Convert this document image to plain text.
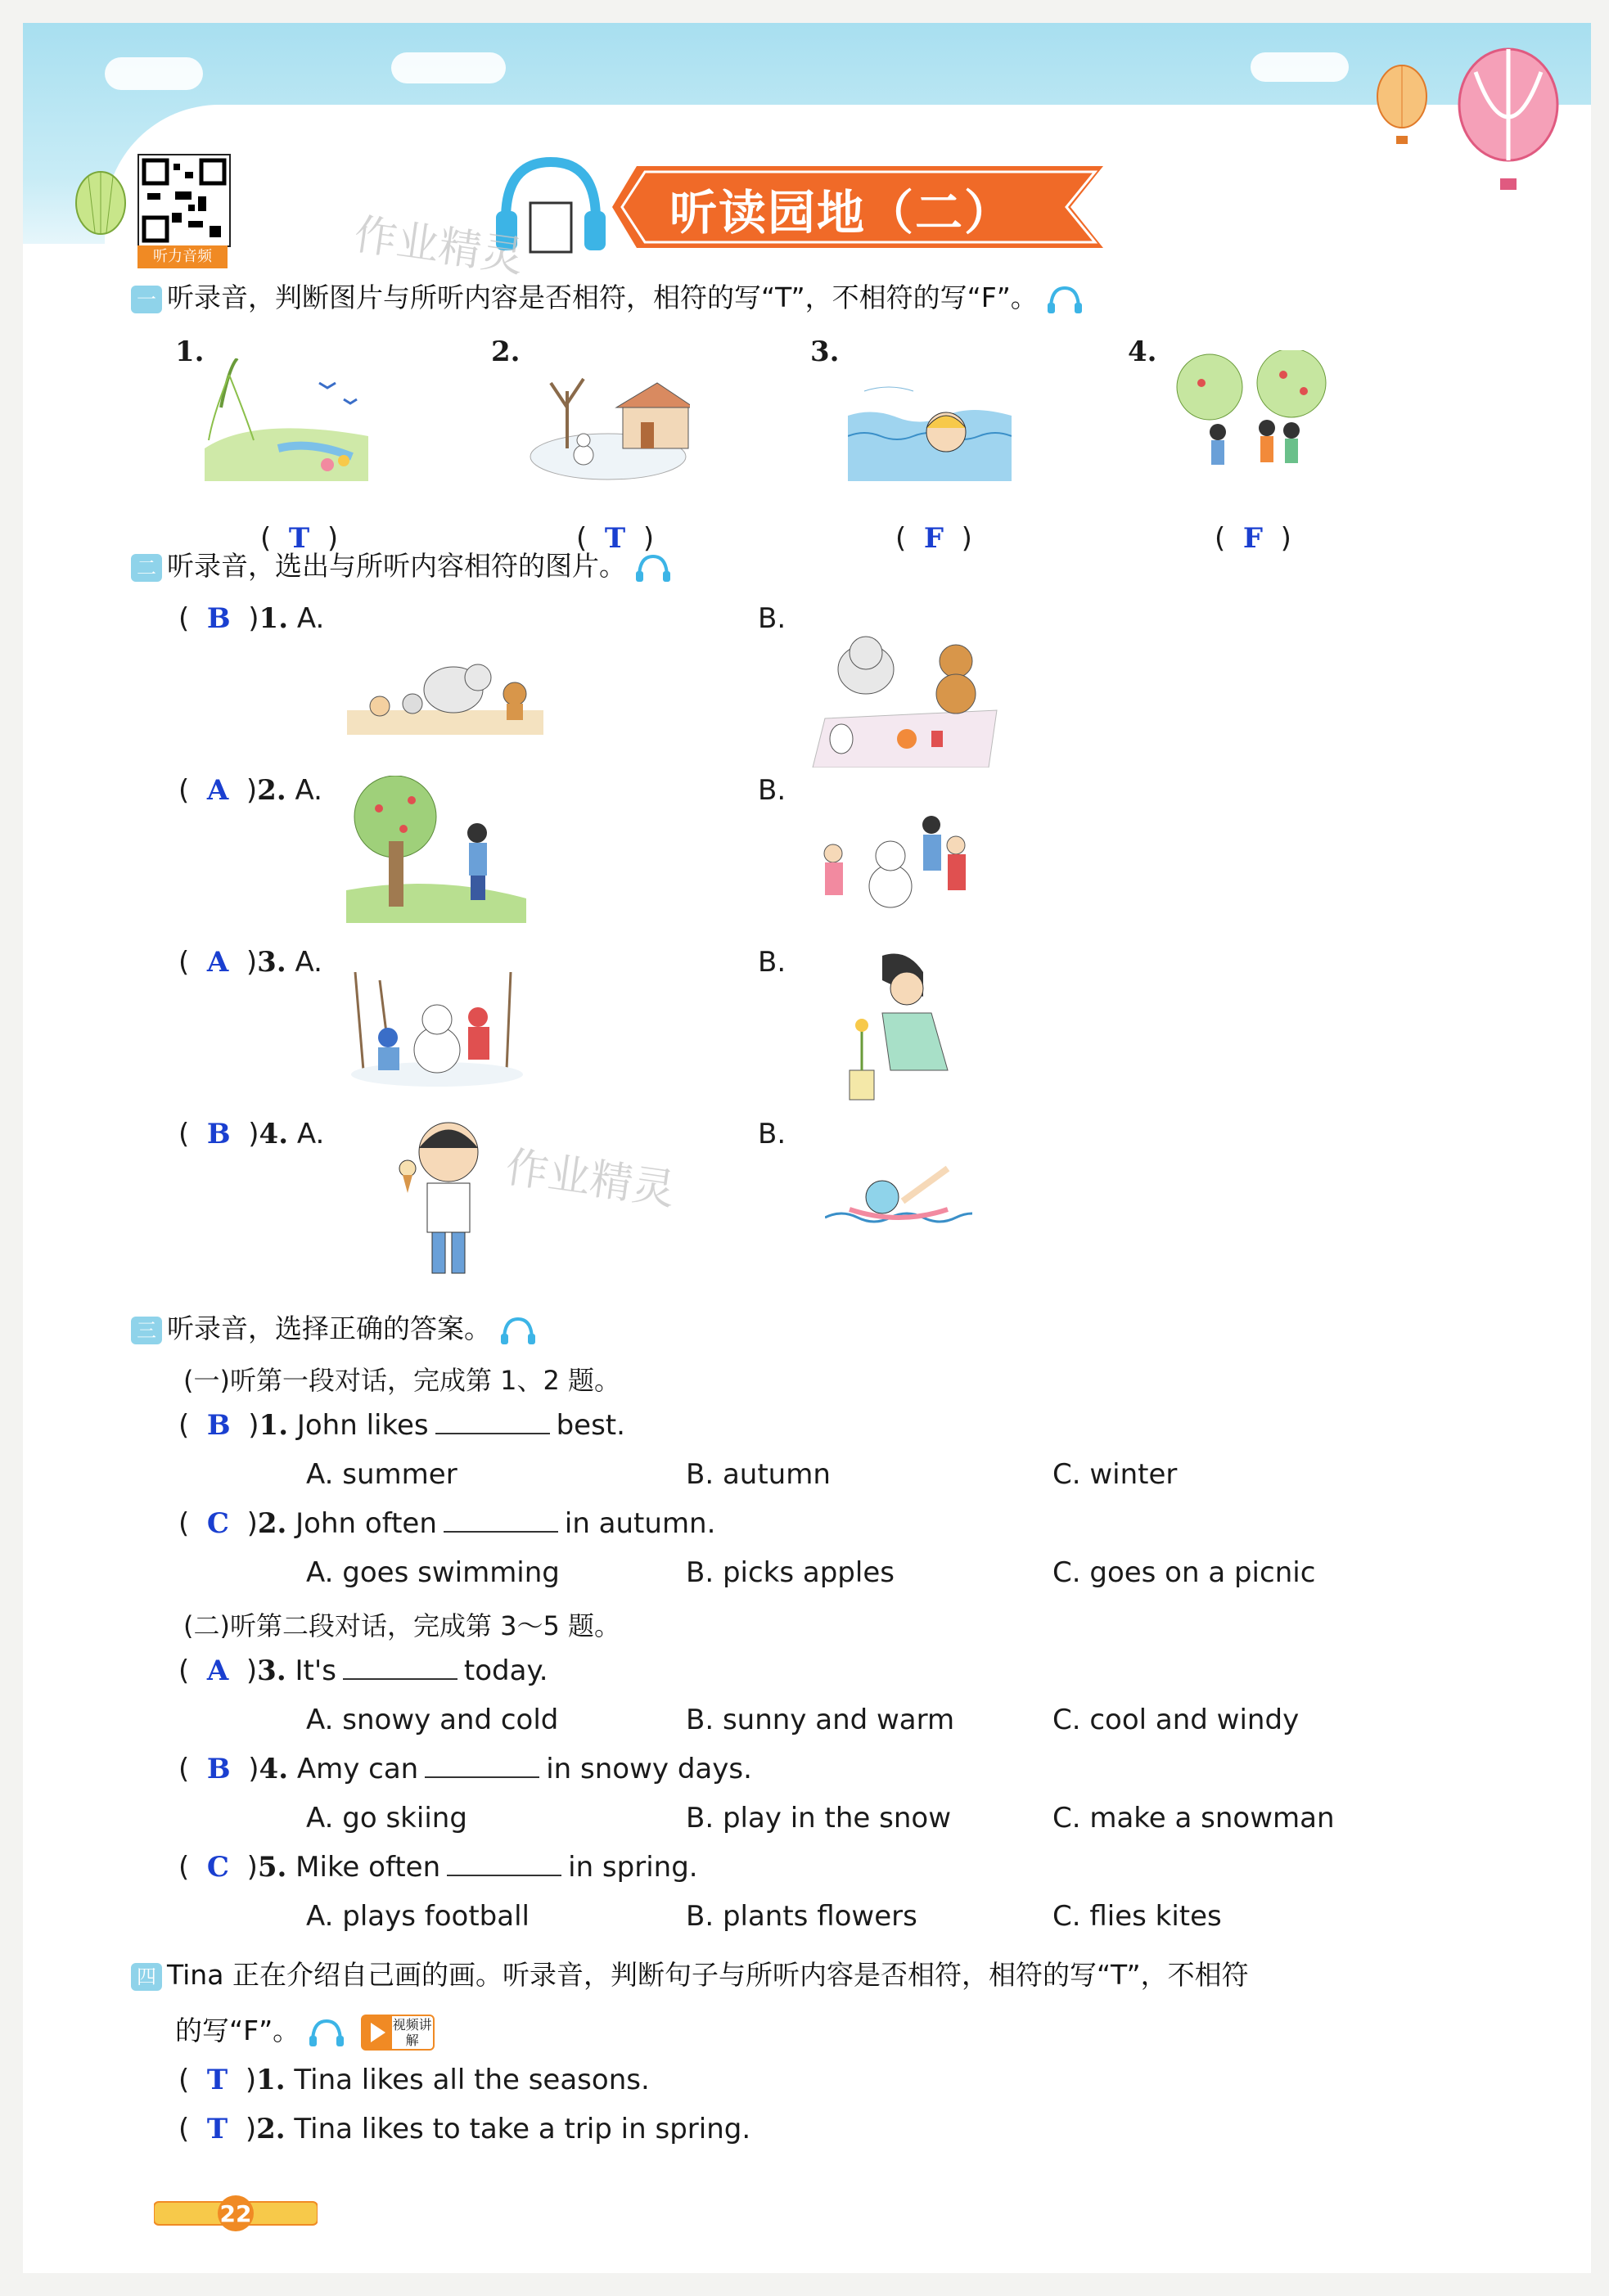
听力音频
听读园地（二）
作业精灵
作业精灵
一 听录音，判断图片与所听内容是否相符，相符的写“T”，不相符的写“F”。
1.	2.	3.	4.
(  T  )	(  T  )	(  F  )	(  F  )
二 听录音，选出与所听内容相符的图片。
(  B  )1. A.	B.
(  A  )2. A.	B.
(  A  )3. A.	B.
(  B  )4. A.	B.
三 听录音，选择正确的答案。
(一)听第一段对话，完成第 1、2 题。
(  B  )1. John likes	best.
A. summer	B. autumn	C. winter
(  C  )2. John often	in autumn.
A. goes swimming	B. picks apples	C. goes on a picnic
(二)听第二段对话，完成第 3～5 题。
(  A  )3. It's	today.
A. snowy and cold	B. sunny and warm	C. cool and windy
(  B  )4. Amy can	in snowy days.
A. go skiing	B. play in the snow	C. make a snowman
(  C  )5. Mike often	in spring.
A. plays football	B. plants flowers	C. flies kites
四 Tina 正在介绍自己画的画。听录音，判断句子与所听内容是否相符，相符的写“T”，不相符
的写“F”。	视频讲解
(  T  )1. Tina likes all the seasons.
(  T  )2. Tina likes to take a trip in spring.
22
